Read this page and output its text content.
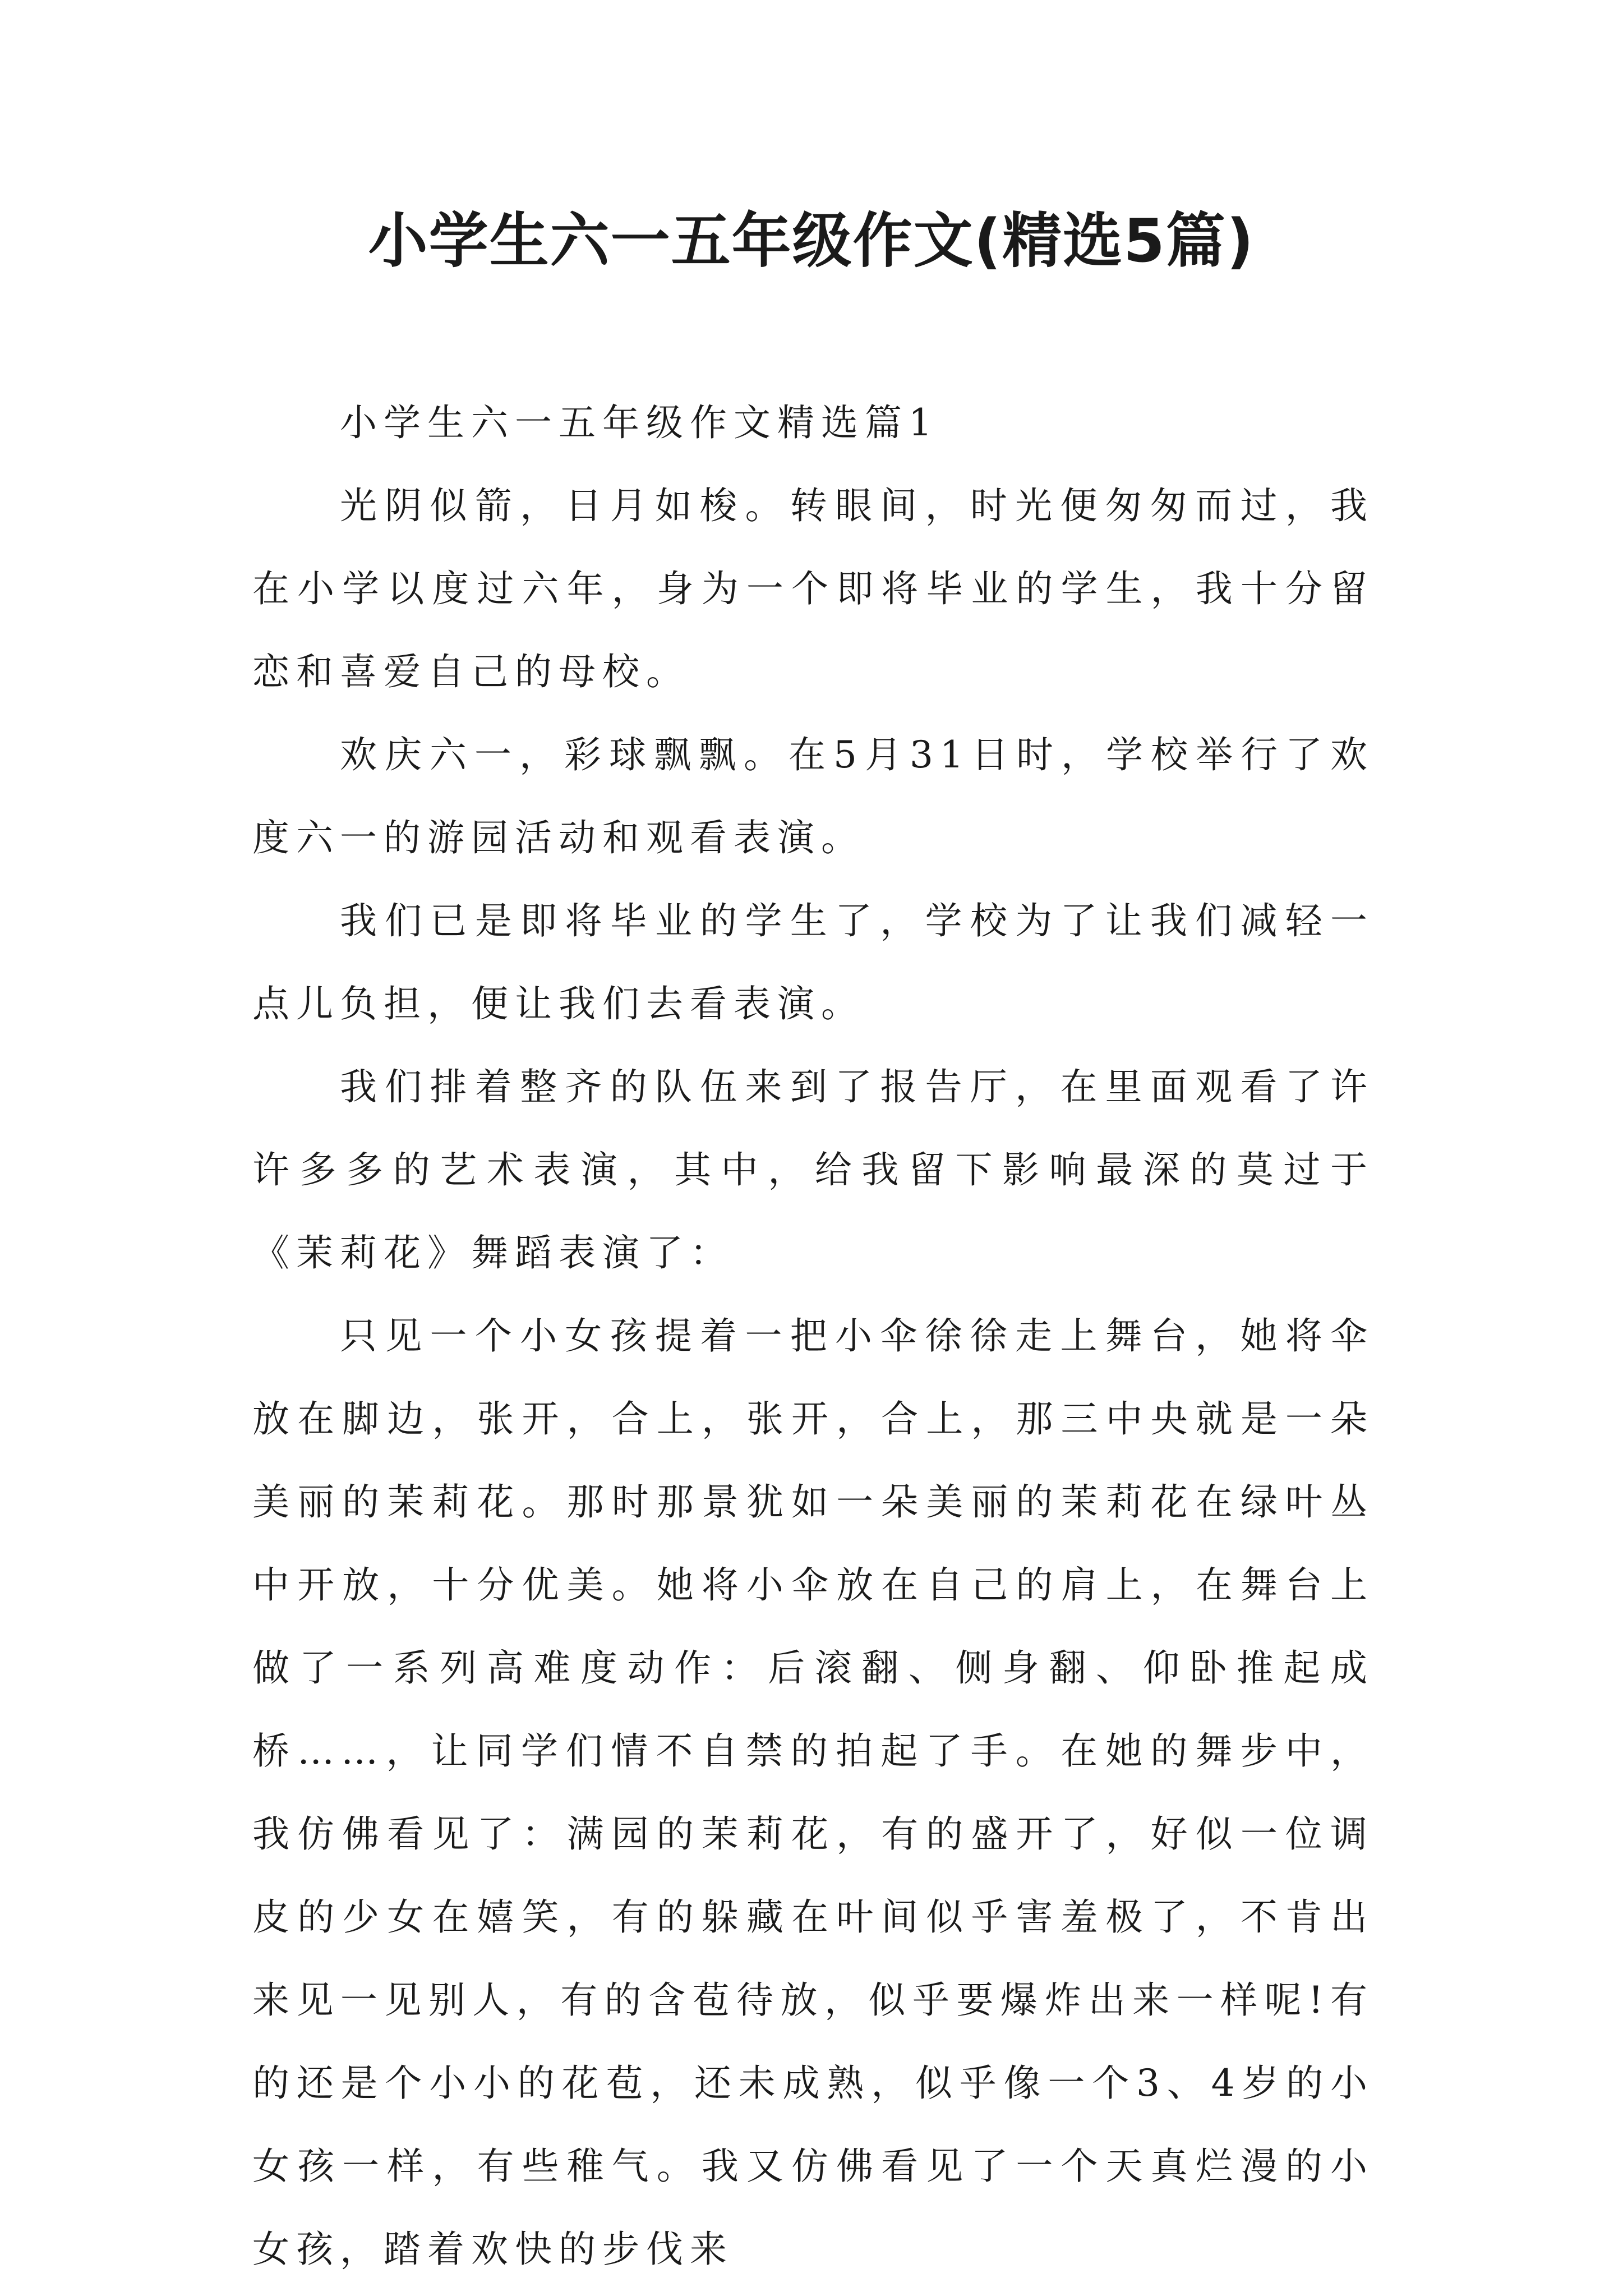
小学生六一五年级作文(精选5篇)

小学生六一五年级作文精选篇1

光阴似箭，日月如梭。转眼间，时光便匆匆而过，我在小学以度过六年，身为一个即将毕业的学生，我十分留恋和喜爱自己的母校。

欢庆六一，彩球飘飘。在5月31日时，学校举行了欢度六一的游园活动和观看表演。

我们已是即将毕业的学生了，学校为了让我们减轻一点儿负担，便让我们去看表演。

我们排着整齐的队伍来到了报告厅，在里面观看了许许多多的艺术表演，其中，给我留下影响最深的莫过于《茉莉花》舞蹈表演了：

只见一个小女孩提着一把小伞徐徐走上舞台，她将伞放在脚边，张开，合上，张开，合上，那三中央就是一朵美丽的茉莉花。那时那景犹如一朵美丽的茉莉花在绿叶丛中开放，十分优美。她将小伞放在自己的肩上，在舞台上做了一系列高难度动作：后滚翻、侧身翻、仰卧推起成桥……，让同学们情不自禁的拍起了手。在她的舞步中，我仿佛看见了：满园的茉莉花，有的盛开了，好似一位调皮的少女在嬉笑，有的躲藏在叶间似乎害羞极了，不肯出来见一见别人，有的含苞待放，似乎要爆炸出来一样呢!有的还是个小小的花苞，还未成熟，似乎像一个3、4岁的小女孩一样，有些稚气。我又仿佛看见了一个天真烂漫的小女孩，踏着欢快的步伐来
